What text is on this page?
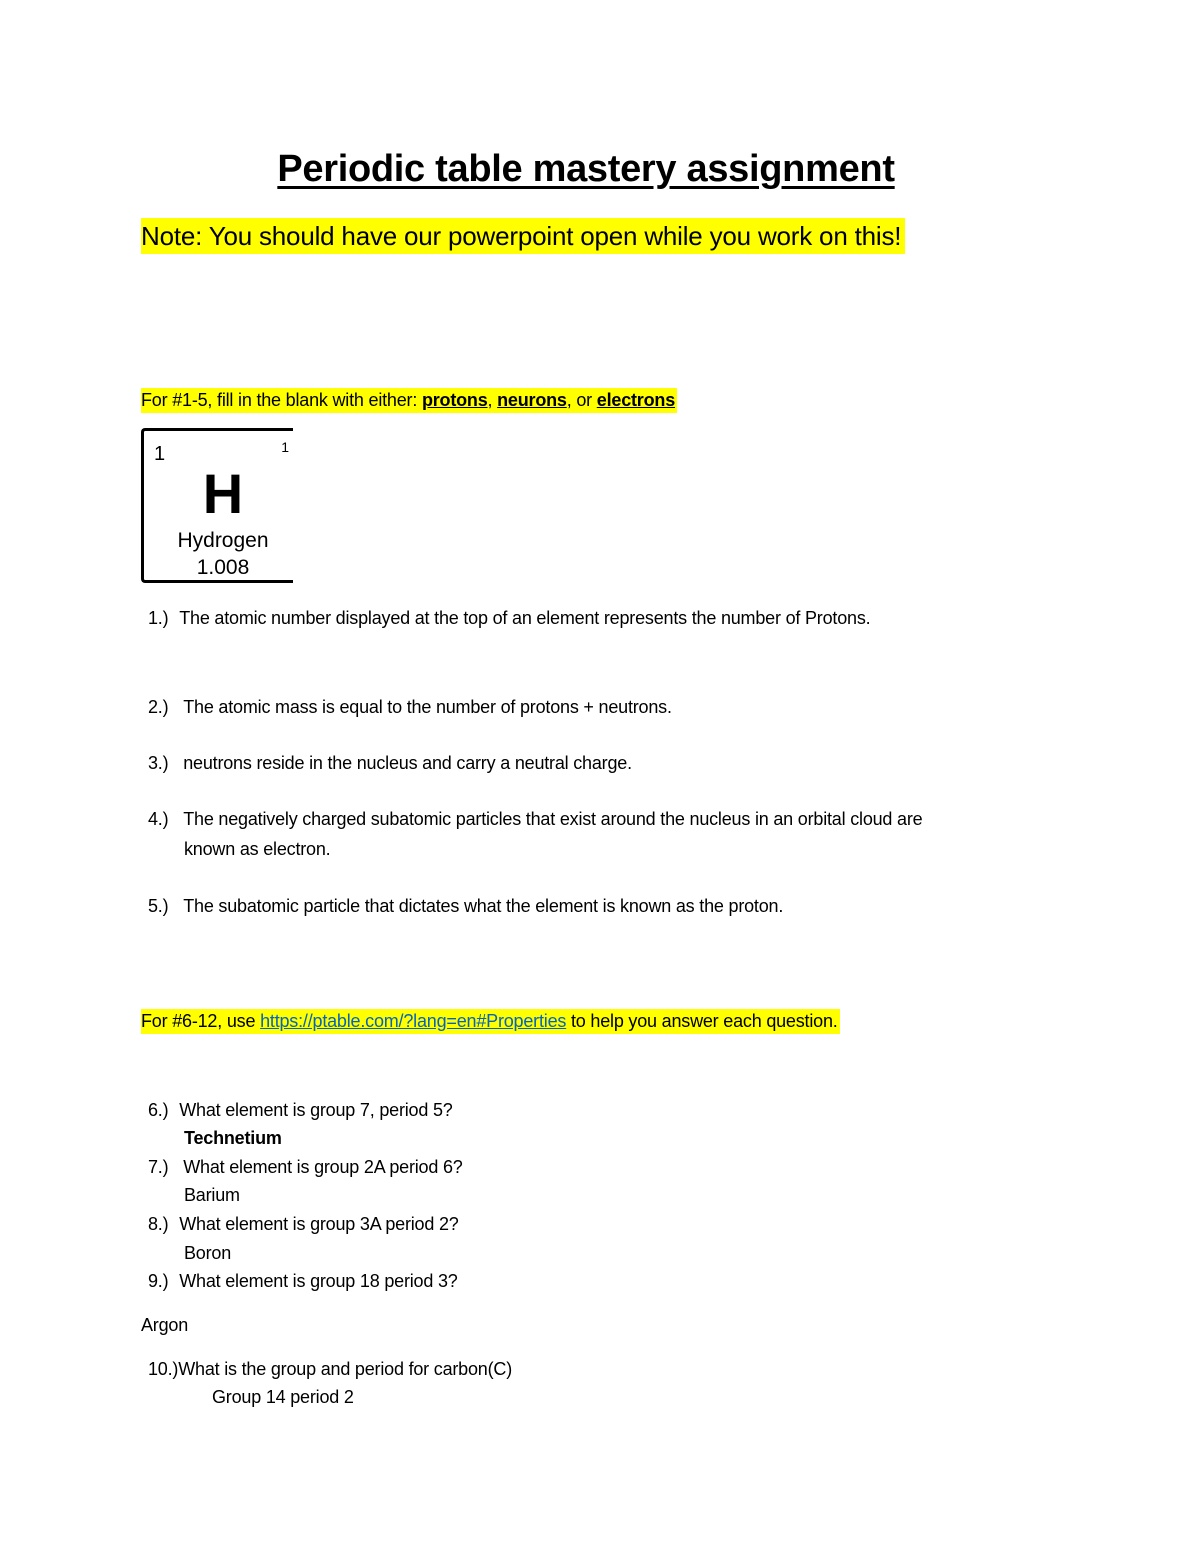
Periodic table mastery assignment
Note: You should have our powerpoint open while you work on this!
For #1-5, fill in the blank with either: protons, neurons, or electrons
1	1
H
Hydrogen
1.008
1.) The atomic number displayed at the top of an element represents the number of Protons.
2.) The atomic mass is equal to the number of protons + neutrons.
3.) neutrons reside in the nucleus and carry a neutral charge.
4.) The negatively charged subatomic particles that exist around the nucleus in an orbital cloud are
known as electron.
5.) The subatomic particle that dictates what the element is known as the proton.
For #6-12, use https://ptable.com/?lang=en#Properties to help you answer each question.
6.) What element is group 7, period 5?
Technetium
7.) What element is group 2A period 6?
Barium
8.) What element is group 3A period 2?
Boron
9.) What element is group 18 period 3?
Argon
10.)What is the group and period for carbon(C)
Group 14 period 2
